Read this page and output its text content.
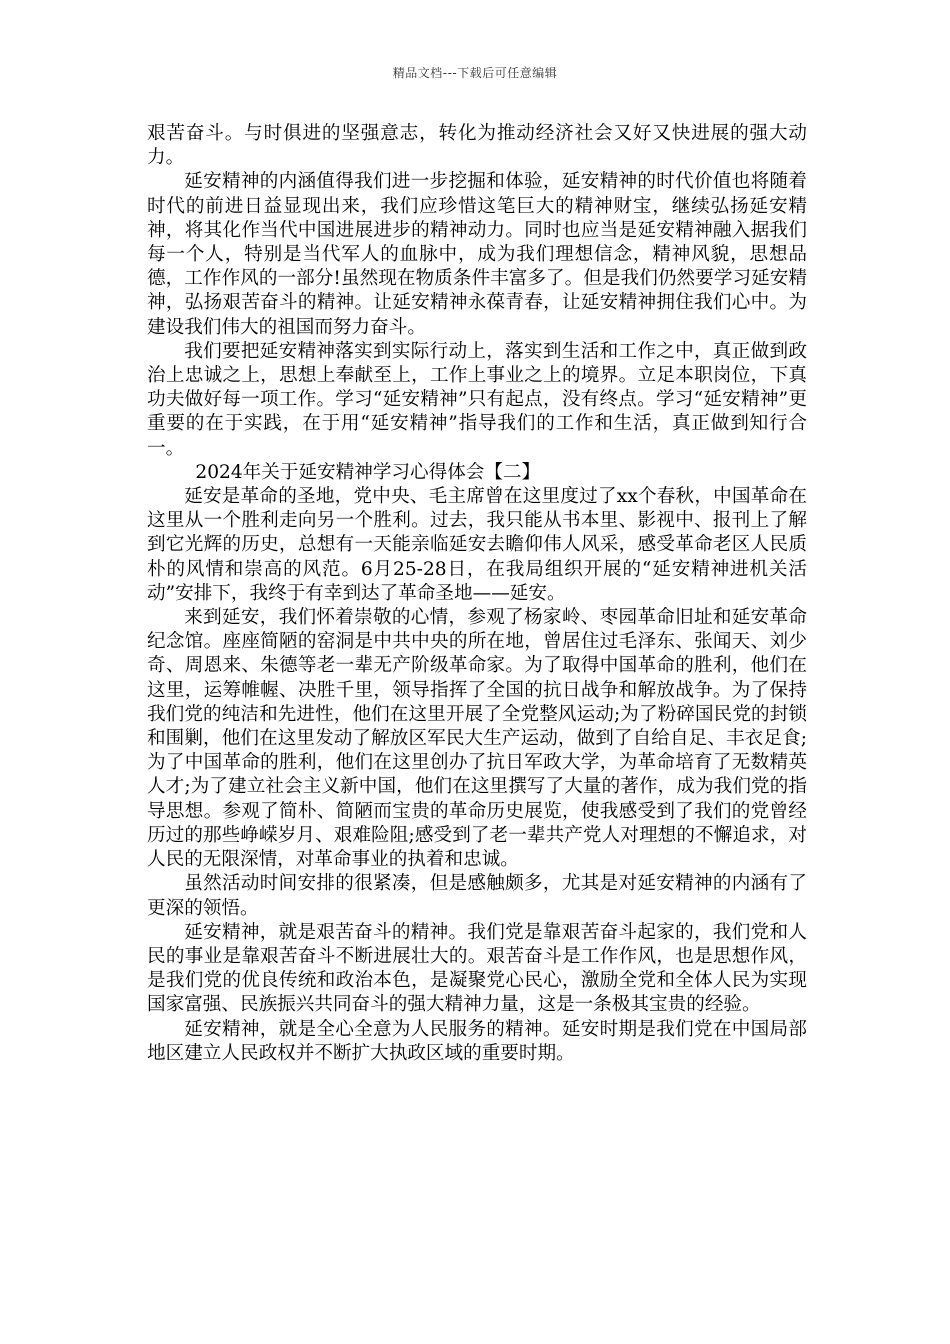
精品文档---下载后可任意编辑

艰苦奋斗。与时俱进的坚强意志，转化为推动经济社会又好又快进展的强大动力。

延安精神的内涵值得我们进一步挖掘和体验，延安精神的时代价值也将随着时代的前进日益显现出来，我们应珍惜这笔巨大的精神财宝，继续弘扬延安精神，将其化作当代中国进展进步的精神动力。同时也应当是延安精神融入据我们每一个人，特别是当代军人的血脉中，成为我们理想信念，精神风貌，思想品德，工作作风的一部分!虽然现在物质条件丰富多了。但是我们仍然要学习延安精神，弘扬艰苦奋斗的精神。让延安精神永葆青春，让延安精神拥住我们心中。为建设我们伟大的祖国而努力奋斗。

我们要把延安精神落实到实际行动上，落实到生活和工作之中，真正做到政治上忠诚之上，思想上奉献至上，工作上事业之上的境界。立足本职岗位，下真功夫做好每一项工作。学习“延安精神”只有起点，没有终点。学习“延安精神”更重要的在于实践，在于用“延安精神”指导我们的工作和生活，真正做到知行合一。

2024年关于延安精神学习心得体会【二】

延安是革命的圣地，党中央、毛主席曾在这里度过了xx个春秋，中国革命在这里从一个胜利走向另一个胜利。过去，我只能从书本里、影视中、报刊上了解到它光辉的历史，总想有一天能亲临延安去瞻仰伟人风采，感受革命老区人民质朴的风情和崇高的风范。6月25-28日，在我局组织开展的“延安精神进机关活动”安排下，我终于有幸到达了革命圣地——延安。

来到延安，我们怀着崇敬的心情，参观了杨家岭、枣园革命旧址和延安革命纪念馆。座座简陋的窑洞是中共中央的所在地，曾居住过毛泽东、张闻天、刘少奇、周恩来、朱德等老一辈无产阶级革命家。为了取得中国革命的胜利，他们在这里，运筹帷幄、决胜千里，领导指挥了全国的抗日战争和解放战争。为了保持我们党的纯洁和先进性，他们在这里开展了全党整风运动;为了粉碎国民党的封锁和围剿，他们在这里发动了解放区军民大生产运动，做到了自给自足、丰衣足食;为了中国革命的胜利，他们在这里创办了抗日军政大学，为革命培育了无数精英人才;为了建立社会主义新中国，他们在这里撰写了大量的著作，成为我们党的指导思想。参观了简朴、简陋而宝贵的革命历史展览，使我感受到了我们的党曾经历过的那些峥嵘岁月、艰难险阻;感受到了老一辈共产党人对理想的不懈追求，对人民的无限深情，对革命事业的执着和忠诚。

虽然活动时间安排的很紧凑，但是感触颇多，尤其是对延安精神的内涵有了更深的领悟。

延安精神，就是艰苦奋斗的精神。我们党是靠艰苦奋斗起家的，我们党和人民的事业是靠艰苦奋斗不断进展壮大的。艰苦奋斗是工作作风，也是思想作风，是我们党的优良传统和政治本色，是凝聚党心民心，激励全党和全体人民为实现国家富强、民族振兴共同奋斗的强大精神力量，这是一条极其宝贵的经验。

延安精神，就是全心全意为人民服务的精神。延安时期是我们党在中国局部地区建立人民政权并不断扩大执政区域的重要时期。
